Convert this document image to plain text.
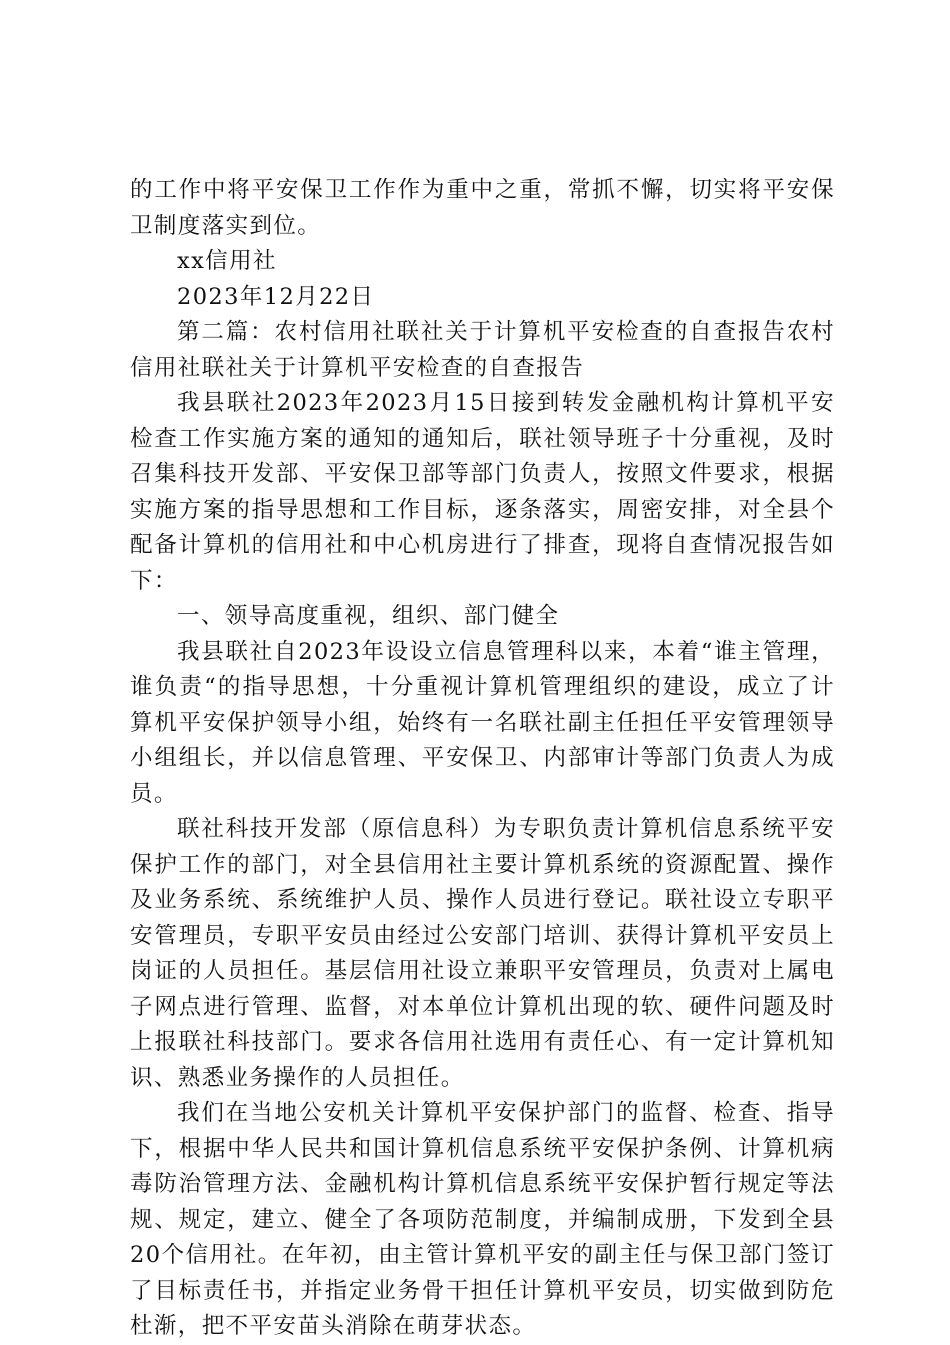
的工作中将平安保卫工作作为重中之重，常抓不懈，切实将平安保卫制度落实到位。

xx信用社

2023年12月22日

第二篇：农村信用社联社关于计算机平安检查的自查报告农村信用社联社关于计算机平安检查的自查报告

我县联社2023年2023月15日接到转发金融机构计算机平安检查工作实施方案的通知的通知后，联社领导班子十分重视，及时召集科技开发部、平安保卫部等部门负责人，按照文件要求，根据实施方案的指导思想和工作目标，逐条落实，周密安排，对全县个配备计算机的信用社和中心机房进行了排查，现将自查情况报告如下：

一、领导高度重视，组织、部门健全

我县联社自2023年设设立信息管理科以来，本着“谁主管理，谁负责“的指导思想，十分重视计算机管理组织的建设，成立了计算机平安保护领导小组，始终有一名联社副主任担任平安管理领导小组组长，并以信息管理、平安保卫、内部审计等部门负责人为成员。

联社科技开发部（原信息科）为专职负责计算机信息系统平安保护工作的部门，对全县信用社主要计算机系统的资源配置、操作及业务系统、系统维护人员、操作人员进行登记。联社设立专职平安管理员，专职平安员由经过公安部门培训、获得计算机平安员上岗证的人员担任。基层信用社设立兼职平安管理员，负责对上属电子网点进行管理、监督，对本单位计算机出现的软、硬件问题及时上报联社科技部门。要求各信用社选用有责任心、有一定计算机知识、熟悉业务操作的人员担任。

我们在当地公安机关计算机平安保护部门的监督、检查、指导下，根据中华人民共和国计算机信息系统平安保护条例、计算机病毒防治管理方法、金融机构计算机信息系统平安保护暂行规定等法规、规定，建立、健全了各项防范制度，并编制成册，下发到全县20个信用社。在年初，由主管计算机平安的副主任与保卫部门签订了目标责任书，并指定业务骨干担任计算机平安员，切实做到防危杜渐，把不平安苗头消除在萌芽状态。
